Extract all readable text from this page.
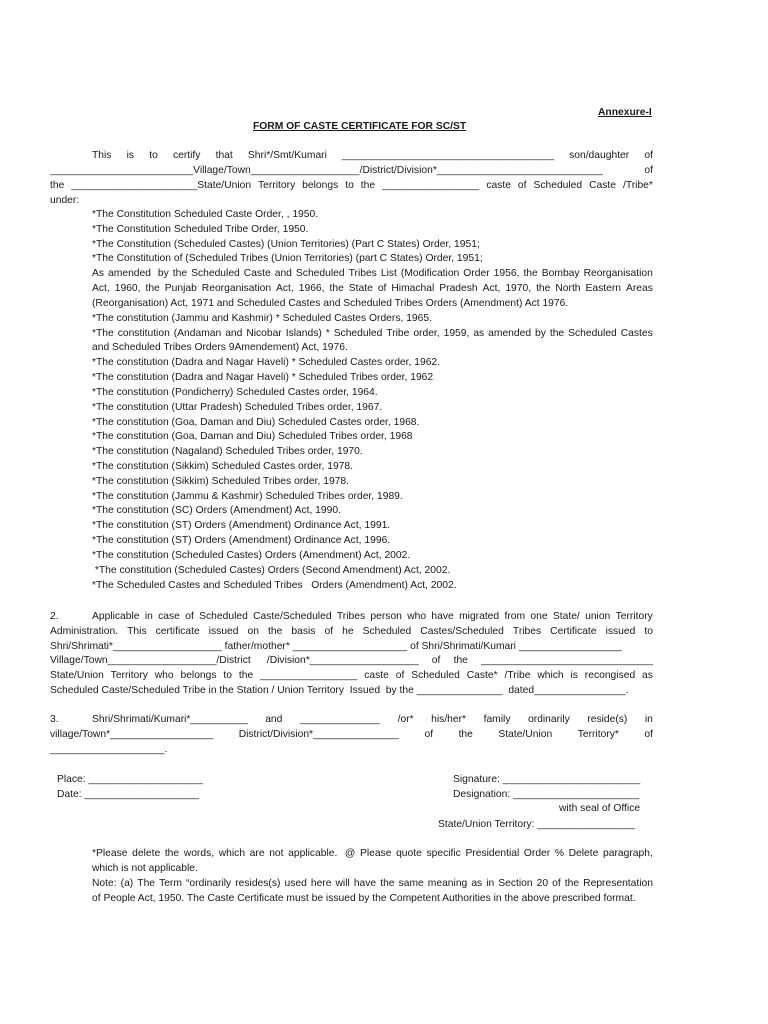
Annexure-I
FORM OF CASTE CERTIFICATE FOR SC/ST
This is to certify that Shri*/Smt/Kumari _____________________________________ son/daughter of
_________________________Village/Town___________________/District/Division*_____________________________	of
the ______________________State/Union Territory belongs to the _________________ caste of Scheduled Caste /Tribe*
under:
*The Constitution Scheduled Caste Order, , 1950.
*The Constitution Scheduled Tribe Order, 1950.
*The Constitution (Scheduled Castes) (Union Territories) (Part C States) Order, 1951;
*The Constitution of (Scheduled Tribes (Union Territories) (part C States) Order, 1951;
As amended by the Scheduled Caste and Scheduled Tribes List (Modification Order 1956, the Bombay Reorganisation
Act, 1960, the Punjab Reorganisation Act, 1966, the State of Himachal Pradesh Act, 1970, the North Eastern Areas
(Reorganisation) Act, 1971 and Scheduled Castes and Scheduled Tribes Orders (Amendment) Act 1976.
*The constitution (Jammu and Kashmir) * Scheduled Castes Orders, 1965.
*The constitution (Andaman and Nicobar Islands) * Scheduled Tribe order, 1959, as amended by the Scheduled Castes
and Scheduled Tribes Orders 9Amendement) Act, 1976.
*The constitution (Dadra and Nagar Haveli) * Scheduled Castes order, 1962.
*The constitution (Dadra and Nagar Haveli) * Scheduled Tribes order, 1962
*The constitution (Pondicherry) Scheduled Castes order, 1964.
*The constitution (Uttar Pradesh) Scheduled Tribes order, 1967.
*The constitution (Goa, Daman and Diu) Scheduled Castes order, 1968.
*The constitution (Goa, Daman and Diu) Scheduled Tribes order, 1968
*The constitution (Nagaland) Scheduled Tribes order, 1970.
*The constitution (Sikkim) Scheduled Castes order, 1978.
*The constitution (Sikkim) Scheduled Tribes order, 1978.
*The constitution (Jammu & Kashmir) Scheduled Tribes order, 1989.
*The constitution (SC) Orders (Amendment) Act, 1990.
*The constitution (ST) Orders (Amendment) Ordinance Act, 1991.
*The constitution (ST) Orders (Amendment) Ordinance Act, 1996.
*The constitution (Scheduled Castes) Orders (Amendment) Act, 2002.
*The constitution (Scheduled Castes) Orders (Second Amendment) Act, 2002.
*The Scheduled Castes and Scheduled Tribes   Orders (Amendment) Act, 2002.
2.	Applicable in case of Scheduled Caste/Scheduled Tribes person who have migrated from one State/ union Territory
Administration. This certificate issued on the basis of he Scheduled Castes/Scheduled Tribes Certificate issued to
Shri/Shrimati*___________________ father/mother* ____________________ of Shri/Shrimati/Kumari __________________
Village/Town___________________/District /Division*___________________ of the ______________________________
State/Union Territory who belongs to the _________________ caste of Scheduled Caste* /Tribe which is recongised as
Scheduled Caste/Scheduled Tribe in the Station / Union Territory  Issued  by the _______________  dated________________.
3.	Shri/Shrimati/Kumari*__________ and ______________ /or* his/her* family ordinarily reside(s) in
village/Town*__________________ District/Division*_______________ of the State/Union Territory* of
____________________.
Place: ____________________
Date: ____________________
Signature: ________________________
Designation: ______________________
with seal of Office
State/Union Territory: _________________
*Please delete the words, which are not applicable. @ Please quote specific Presidential Order % Delete paragraph,
which is not applicable.
Note: (a) The Term “ordinarily resides(s) used here will have the same meaning as in Section 20 of the Representation
of People Act, 1950. The Caste Certificate must be issued by the Competent Authorities in the above prescribed format.
